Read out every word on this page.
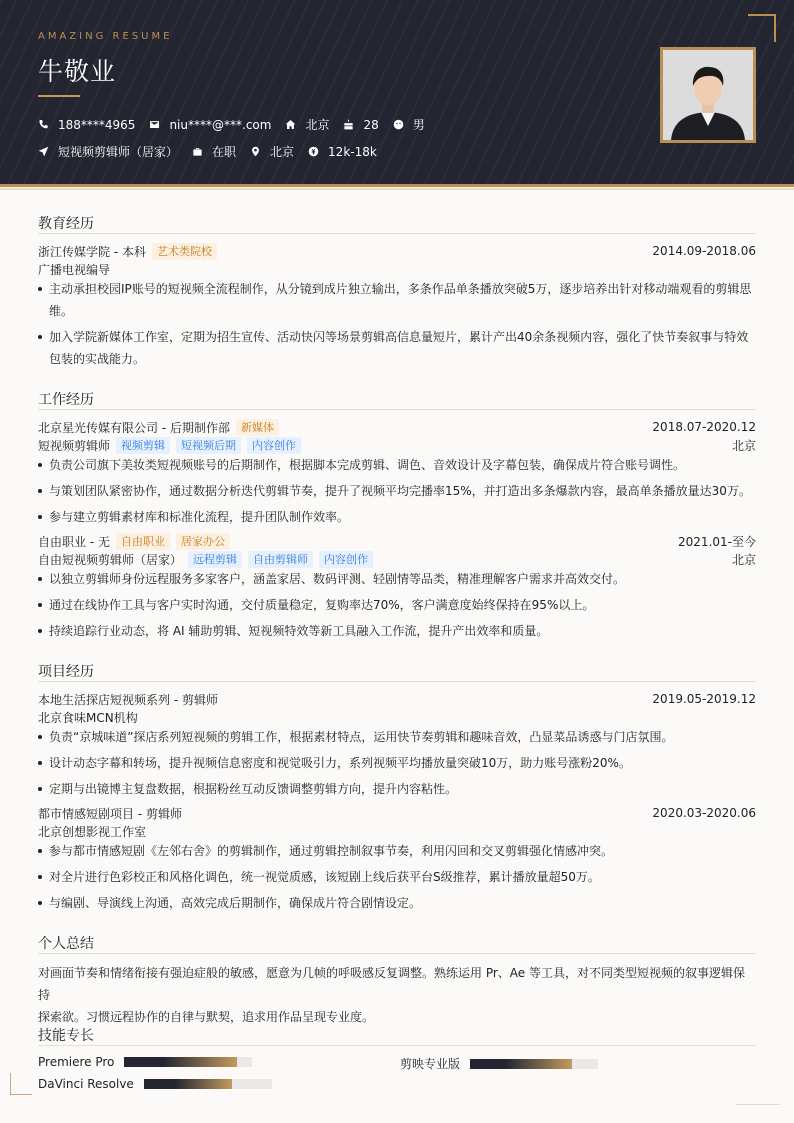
AMAZING RESUME
牛敬业
188****4965	niu****@***.com	北京	28	男
短视频剪辑师（居家）	在职	北京	12k-18k
教育经历
浙江传媒学院 - 本科	艺术类院校	2014.09-2018.06
广播电视编导
主动承担校园IP账号的短视频全流程制作，从分镜到成片独立输出，多条作品单条播放突破5万，逐步培养出针对移动端观看的剪辑思
维。
加入学院新媒体工作室，定期为招生宣传、活动快闪等场景剪辑高信息量短片，累计产出40余条视频内容，强化了快节奏叙事与特效
包装的实战能力。
工作经历
北京星光传媒有限公司 - 后期制作部	新媒体	2018.07-2020.12
短视频剪辑师	视频剪辑	短视频后期	内容创作	北京
负责公司旗下美妆类短视频账号的后期制作，根据脚本完成剪辑、调色、音效设计及字幕包装，确保成片符合账号调性。
与策划团队紧密协作，通过数据分析迭代剪辑节奏，提升了视频平均完播率15%，并打造出多条爆款内容，最高单条播放量达30万。
参与建立剪辑素材库和标准化流程，提升团队制作效率。
自由职业 - 无	自由职业	居家办公	2021.01-至今
自由短视频剪辑师（居家）	远程剪辑	自由剪辑师	内容创作	北京
以独立剪辑师身份远程服务多家客户，涵盖家居、数码评测、轻剧情等品类，精准理解客户需求并高效交付。
通过在线协作工具与客户实时沟通，交付质量稳定，复购率达70%，客户满意度始终保持在95%以上。
持续追踪行业动态，将 AI 辅助剪辑、短视频特效等新工具融入工作流，提升产出效率和质量。
项目经历
本地生活探店短视频系列 - 剪辑师	2019.05-2019.12
北京食味MCN机构
负责“京城味道”探店系列短视频的剪辑工作，根据素材特点，运用快节奏剪辑和趣味音效，凸显菜品诱惑与门店氛围。
设计动态字幕和转场，提升视频信息密度和视觉吸引力，系列视频平均播放量突破10万，助力账号涨粉20%。
定期与出镜博主复盘数据，根据粉丝互动反馈调整剪辑方向，提升内容粘性。
都市情感短剧项目 - 剪辑师	2020.03-2020.06
北京创想影视工作室
参与都市情感短剧《左邻右舍》的剪辑制作，通过剪辑控制叙事节奏，利用闪回和交叉剪辑强化情感冲突。
对全片进行色彩校正和风格化调色，统一视觉质感，该短剧上线后获平台S级推荐，累计播放量超50万。
与编剧、导演线上沟通，高效完成后期制作，确保成片符合剧情设定。
个人总结
对画面节奏和情绪衔接有强迫症般的敏感，愿意为几帧的呼吸感反复调整。熟练运用 Pr、Ae 等工具，对不同类型短视频的叙事逻辑保持
探索欲。习惯远程协作的自律与默契，追求用作品呈现专业度。
技能专长
Premiere Pro	剪映专业版
DaVinci Resolve
